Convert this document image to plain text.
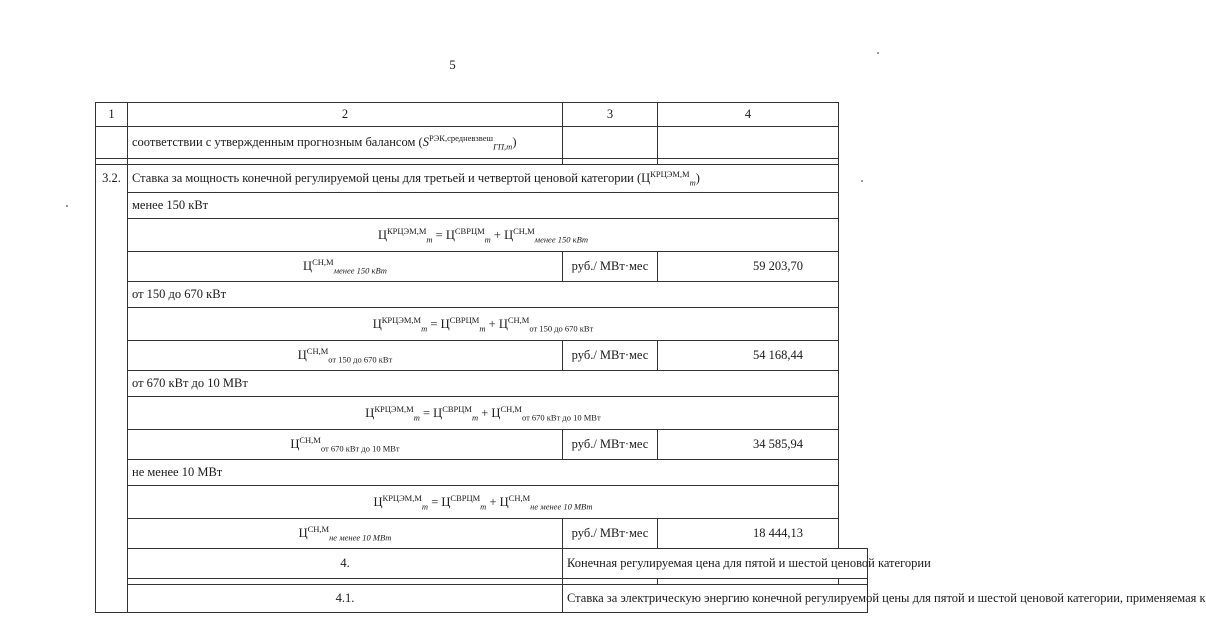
5
1	2	3	4	
	соответствии с утвержденным прогнозным балансом $(S^{РЭК,средневзвеш}_{ГП,m})$			

3.2.	Ставка за мощность конечной регулируемой цены для третьей и четвертой ценовой категории $(Ц^{КРЦЭМ,М}_m)$			
	менее 150 кВт			
	$Ц^{КРЦЭМ,М}_m = Ц^{СВРЦМ}_m + Ц^{СН,М}_{менее 150 кВт}$
	$Ц^{СН,М}_{менее 150 кВт}$	руб./ МВт·мес	59 203,70	
	от 150 до 670 кВт			
	$Ц^{КРЦЭМ,М}_m = Ц^{СВРЦМ}_m + Ц^{СН,М}_{от 150 до 670 кВт}$
	$Ц^{СН,М}_{от 150 до 670 кВт}$	руб./ МВт·мес	54 168,44	
	от 670 кВт до 10 МВт			
	$Ц^{КРЦЭМ,М}_m = Ц^{СВРЦМ}_m + Ц^{СН,М}_{от 670 кВт до 10 МВт}$
	$Ц^{СН,М}_{от 670 кВт до 10 МВт}$	руб./ МВт·мес	34 585,94	
	не менее 10 МВт			
	$Ц^{КРЦЭМ,М}_m = Ц^{СВРЦМ}_m + Ц^{СН,М}_{не менее 10 МВт}$
	$Ц^{СН,М}_{не менее 10 МВт}$	руб./ МВт·мес	18 444,13	
	4.	Конечная регулируемая цена для пятой и шестой ценовой категории		

	4.1.	Ставка за электрическую энергию конечной регулируемой цены для пятой и шестой ценовой категории, применяемая к		
